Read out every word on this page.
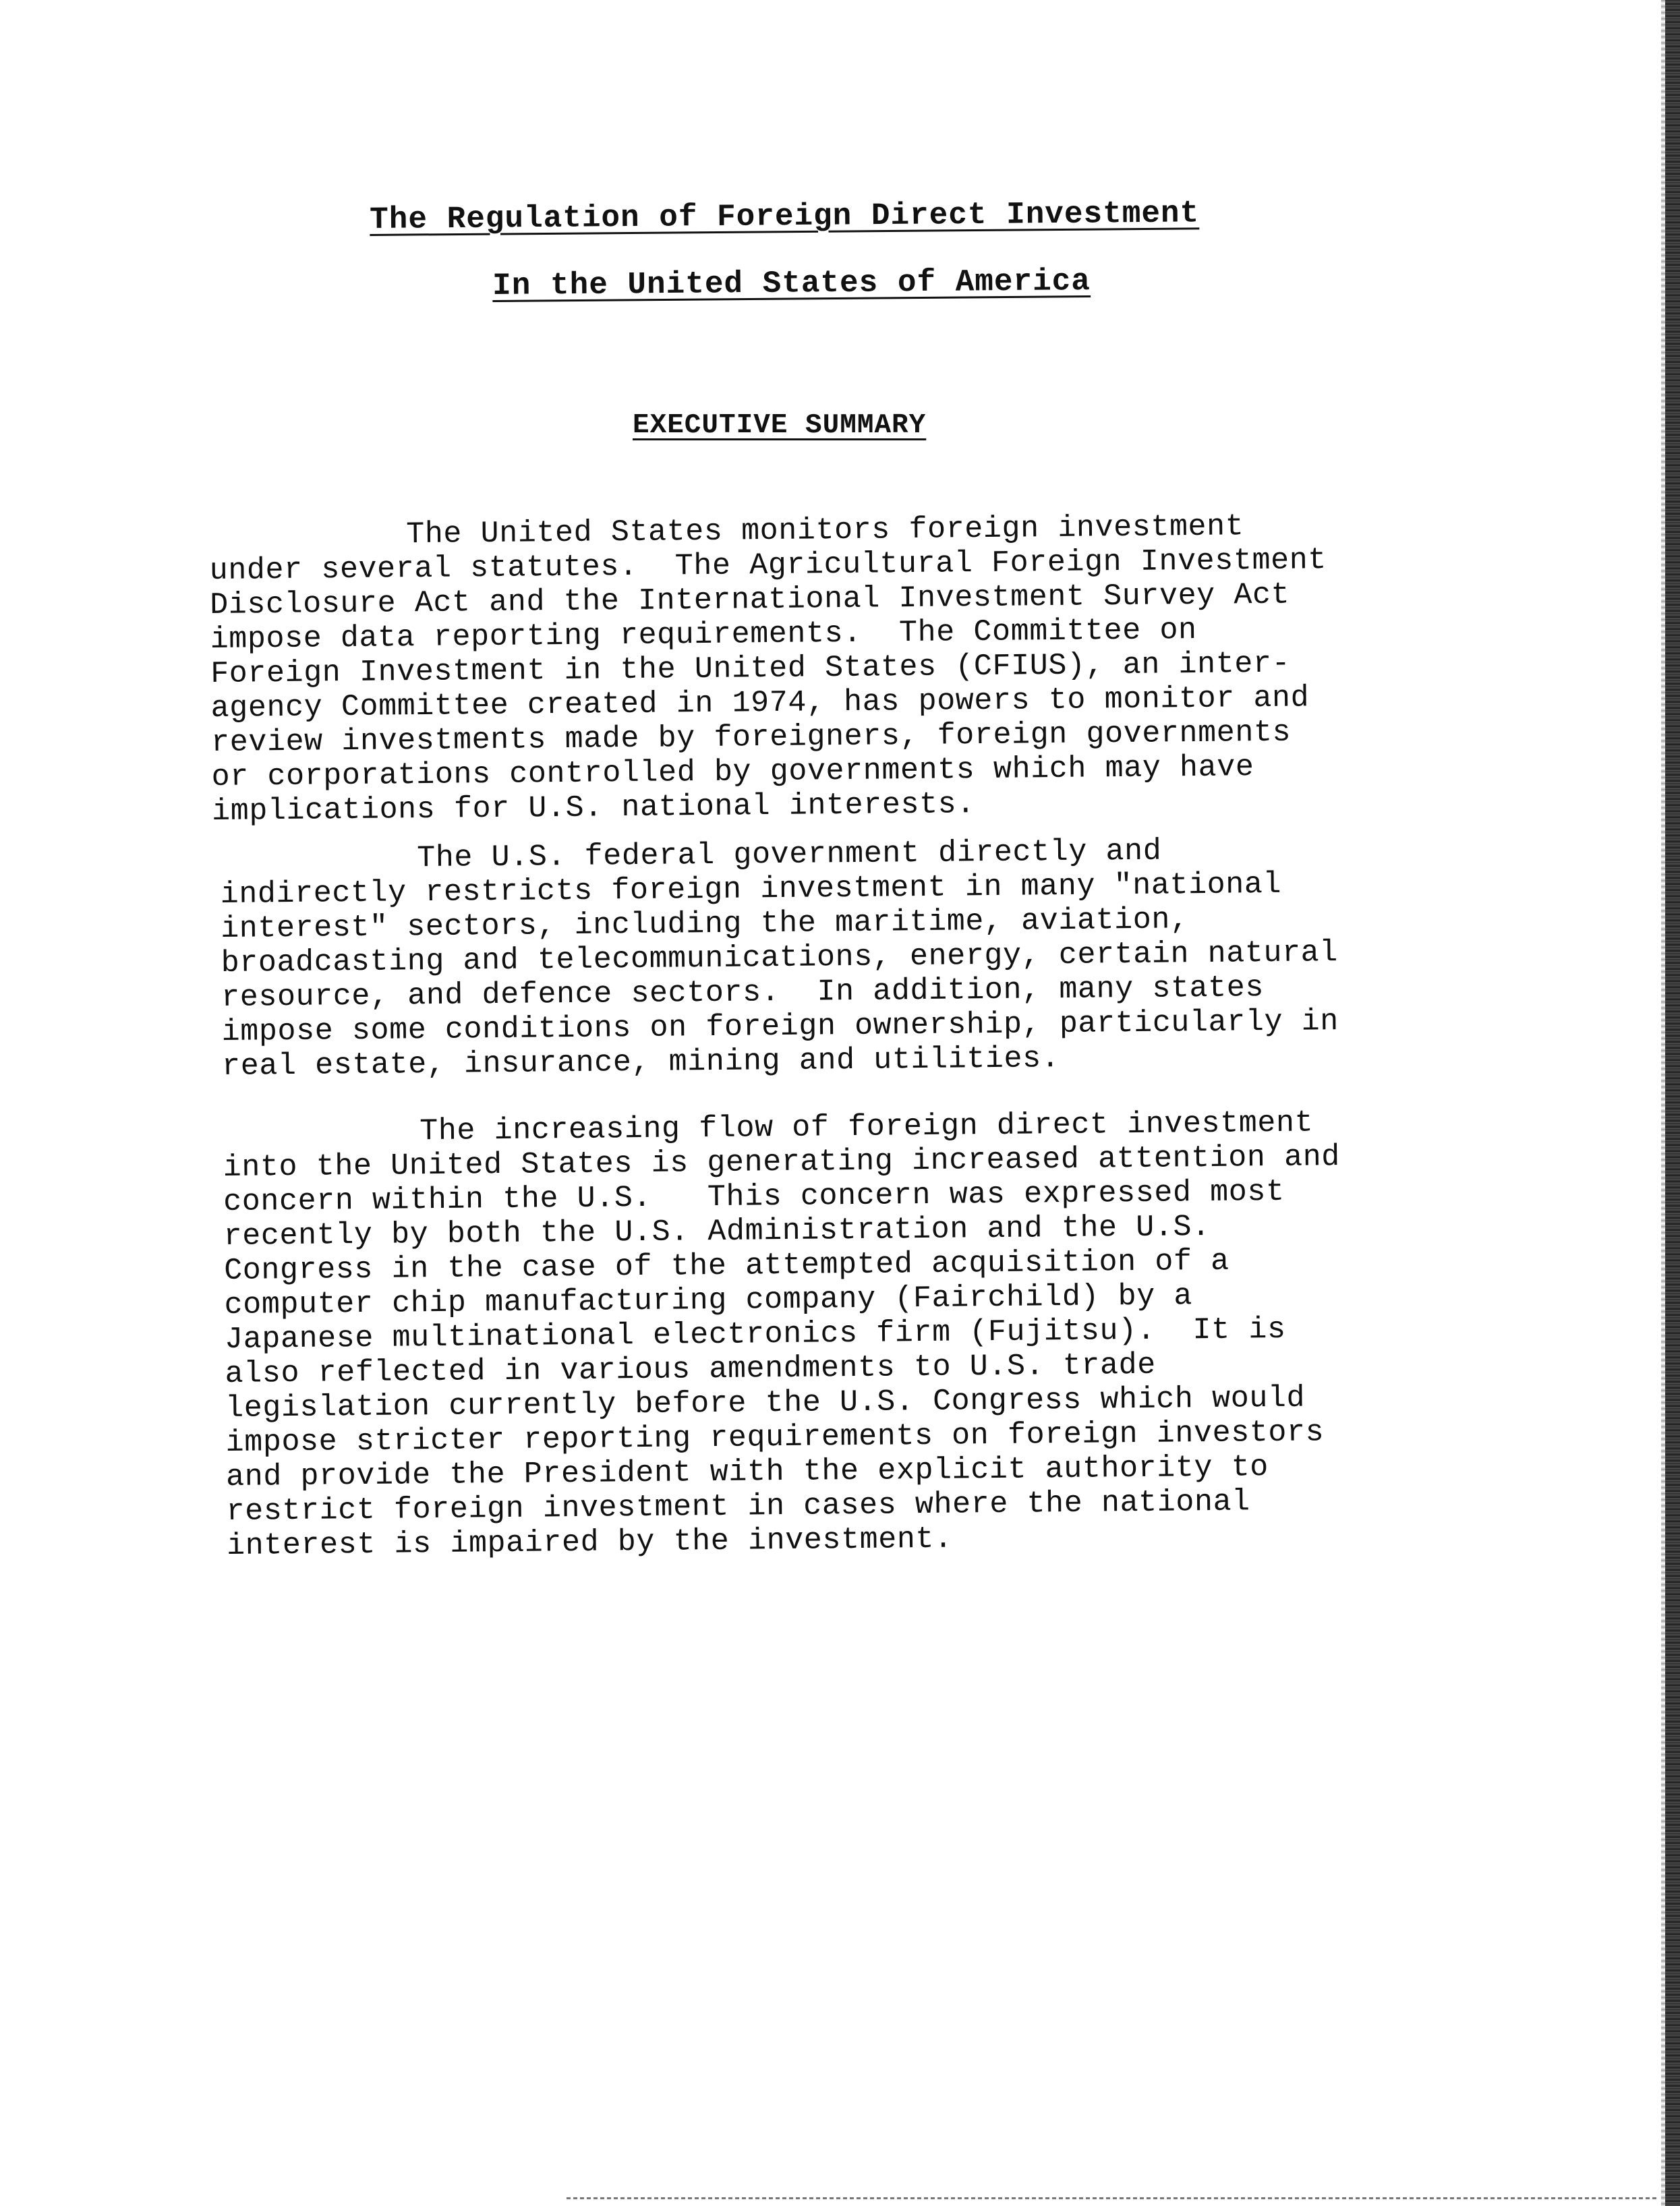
The Regulation of Foreign Direct Investment
In the United States of America
EXECUTIVE SUMMARY
The United States monitors foreign investment
under several statutes.  The Agricultural Foreign Investment
Disclosure Act and the International Investment Survey Act
impose data reporting requirements.  The Committee on
Foreign Investment in the United States (CFIUS), an inter-
agency Committee created in 1974, has powers to monitor and
review investments made by foreigners, foreign governments
or corporations controlled by governments which may have
implications for U.S. national interests.
The U.S. federal government directly and
indirectly restricts foreign investment in many "national
interest" sectors, including the maritime, aviation,
broadcasting and telecommunications, energy, certain natural
resource, and defence sectors.  In addition, many states
impose some conditions on foreign ownership, particularly in
real estate, insurance, mining and utilities.
The increasing flow of foreign direct investment
into the United States is generating increased attention and
concern within the U.S.   This concern was expressed most
recently by both the U.S. Administration and the U.S.
Congress in the case of the attempted acquisition of a
computer chip manufacturing company (Fairchild) by a
Japanese multinational electronics firm (Fujitsu).  It is
also reflected in various amendments to U.S. trade
legislation currently before the U.S. Congress which would
impose stricter reporting requirements on foreign investors
and provide the President with the explicit authority to
restrict foreign investment in cases where the national
interest is impaired by the investment.
